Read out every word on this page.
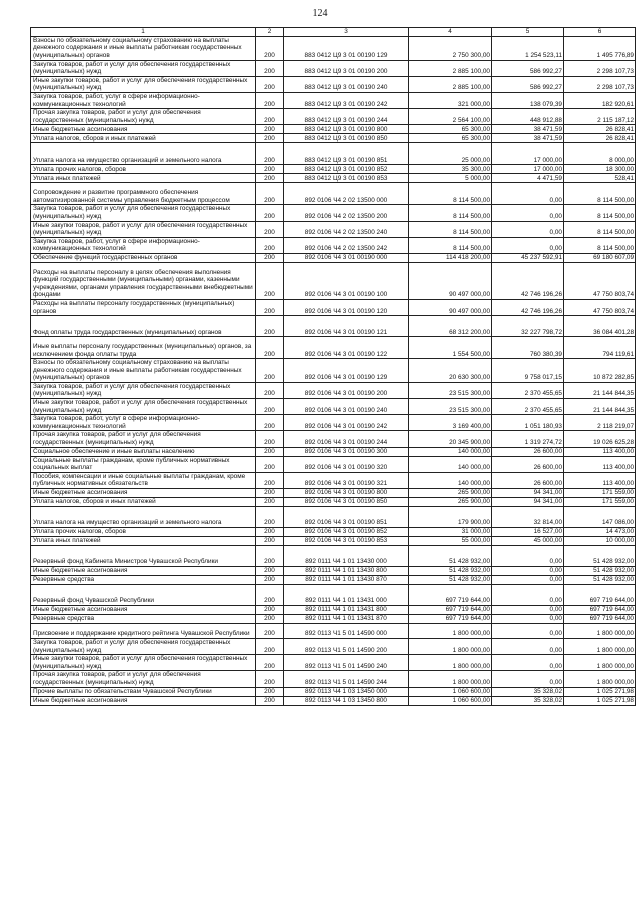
124
1	2	3	4	5	6
Взносы по обязательному социальному страхованию на выплаты денежного содержания и иные выплаты работникам государственных (муниципальных) органов	200	883 0412 Ц9 3 01 00190 129	2 750 300,00	1 254 523,11	1 495 776,89
Закупка товаров, работ и услуг для обеспечения государственных (муниципальных) нужд	200	883 0412 Ц9 3 01 00190 200	2 885 100,00	586 992,27	2 298 107,73
Иные закупки товаров, работ и услуг для обеспечения государственных (муниципальных) нужд	200	883 0412 Ц9 3 01 00190 240	2 885 100,00	586 992,27	2 298 107,73
Закупка товаров, работ, услуг в сфере информационно-коммуникационных технологий	200	883 0412 Ц9 3 01 00190 242	321 000,00	138 079,39	182 920,61
Прочая закупка товаров, работ и услуг для обеспечения государственных (муниципальных) нужд	200	883 0412 Ц9 3 01 00190 244	2 564 100,00	448 912,88	2 115 187,12
Иные бюджетные ассигнования	200	883 0412 Ц9 3 01 00190 800	65 300,00	38 471,59	26 828,41
Уплата налогов, сборов и иных платежей	200	883 0412 Ц9 3 01 00190 850	65 300,00	38 471,59	26 828,41
Уплата налога на имущество организаций и земельного налога	200	883 0412 Ц9 3 01 00190 851	25 000,00	17 000,00	8 000,00
Уплата прочих налогов, сборов	200	883 0412 Ц9 3 01 00190 852	35 300,00	17 000,00	18 300,00
Уплата иных платежей	200	883 0412 Ц9 3 01 00190 853	5 000,00	4 471,59	528,41
Сопровождение и развитие программного обеспечения автоматизированной системы управления бюджетным процессом	200	892 0106 Ч4 2 02 13500 000	8 114 500,00	0,00	8 114 500,00
Закупка товаров, работ и услуг для обеспечения государственных (муниципальных) нужд	200	892 0106 Ч4 2 02 13500 200	8 114 500,00	0,00	8 114 500,00
Иные закупки товаров, работ и услуг для обеспечения государственных (муниципальных) нужд	200	892 0106 Ч4 2 02 13500 240	8 114 500,00	0,00	8 114 500,00
Закупка товаров, работ, услуг в сфере информационно-коммуникационных технологий	200	892 0106 Ч4 2 02 13500 242	8 114 500,00	0,00	8 114 500,00
Обеспечение функций государственных органов	200	892 0106 Ч4 3 01 00190 000	114 418 200,00	45 237 592,91	69 180 607,09
Расходы на выплаты персоналу в целях обеспечения выполнения функций государственными (муниципальными) органами, казенными учреждениями, органами управления государственными внебюджетными фондами	200	892 0106 Ч4 3 01 00190 100	90 497 000,00	42 746 196,26	47 750 803,74
Расходы на выплаты персоналу государственных (муниципальных) органов	200	892 0106 Ч4 3 01 00190 120	90 497 000,00	42 746 196,26	47 750 803,74
Фонд оплаты труда государственных (муниципальных) органов	200	892 0106 Ч4 3 01 00190 121	68 312 200,00	32 227 798,72	36 084 401,28
Иные выплаты персоналу государственных (муниципальных) органов, за исключением фонда оплаты труда	200	892 0106 Ч4 3 01 00190 122	1 554 500,00	760 380,39	794 119,61
Взносы по обязательному социальному страхованию на выплаты денежного содержания и иные выплаты работникам государственных (муниципальных) органов	200	892 0106 Ч4 3 01 00190 129	20 630 300,00	9 758 017,15	10 872 282,85
Закупка товаров, работ и услуг для обеспечения государственных (муниципальных) нужд	200	892 0106 Ч4 3 01 00190 200	23 515 300,00	2 370 455,65	21 144 844,35
Иные закупки товаров, работ и услуг для обеспечения государственных (муниципальных) нужд	200	892 0106 Ч4 3 01 00190 240	23 515 300,00	2 370 455,65	21 144 844,35
Закупка товаров, работ, услуг в сфере информационно-коммуникационных технологий	200	892 0106 Ч4 3 01 00190 242	3 169 400,00	1 051 180,93	2 118 219,07
Прочая закупка товаров, работ и услуг для обеспечения государственных (муниципальных) нужд	200	892 0106 Ч4 3 01 00190 244	20 345 900,00	1 319 274,72	19 026 625,28
Социальное обеспечение и иные выплаты населению	200	892 0106 Ч4 3 01 00190 300	140 000,00	26 600,00	113 400,00
Социальные выплаты гражданам, кроме публичных нормативных социальных выплат	200	892 0106 Ч4 3 01 00190 320	140 000,00	26 600,00	113 400,00
Пособия, компенсации и иные социальные выплаты гражданам, кроме публичных нормативных обязательств	200	892 0106 Ч4 3 01 00190 321	140 000,00	26 600,00	113 400,00
Иные бюджетные ассигнования	200	892 0106 Ч4 3 01 00190 800	265 900,00	94 341,00	171 559,00
Уплата налогов, сборов и иных платежей	200	892 0106 Ч4 3 01 00190 850	265 900,00	94 341,00	171 559,00
Уплата налога на имущество организаций и земельного налога	200	892 0106 Ч4 3 01 00190 851	179 900,00	32 814,00	147 086,00
Уплата прочих налогов, сборов	200	892 0106 Ч4 3 01 00190 852	31 000,00	16 527,00	14 473,00
Уплата иных платежей	200	892 0106 Ч4 3 01 00190 853	55 000,00	45 000,00	10 000,00
Резервный фонд Кабинета Министров Чувашской Республики	200	892 0111 Ч4 1 01 13430 000	51 428 932,00	0,00	51 428 932,00
Иные бюджетные ассигнования	200	892 0111 Ч4 1 01 13430 800	51 428 932,00	0,00	51 428 932,00
Резервные средства	200	892 0111 Ч4 1 01 13430 870	51 428 932,00	0,00	51 428 932,00
Резервный фонд Чувашской Республики	200	892 0111 Ч4 1 01 13431 000	697 719 644,00	0,00	697 719 644,00
Иные бюджетные ассигнования	200	892 0111 Ч4 1 01 13431 800	697 719 644,00	0,00	697 719 644,00
Резервные средства	200	892 0111 Ч4 1 01 13431 870	697 719 644,00	0,00	697 719 644,00
Присвоение и поддержание кредитного рейтинга Чувашской Республики	200	892 0113 Ч1 5 01 14590 000	1 800 000,00	0,00	1 800 000,00
Закупка товаров, работ и услуг для обеспечения государственных (муниципальных) нужд	200	892 0113 Ч1 5 01 14590 200	1 800 000,00	0,00	1 800 000,00
Иные закупки товаров, работ и услуг для обеспечения государственных (муниципальных) нужд	200	892 0113 Ч1 5 01 14590 240	1 800 000,00	0,00	1 800 000,00
Прочая закупка товаров, работ и услуг для обеспечения государственных (муниципальных) нужд	200	892 0113 Ч1 5 01 14590 244	1 800 000,00	0,00	1 800 000,00
Прочие выплаты по обязательствам Чувашской Республики	200	892 0113 Ч4 1 03 13450 000	1 060 600,00	35 328,02	1 025 271,98
Иные бюджетные ассигнования	200	892 0113 Ч4 1 03 13450 800	1 060 600,00	35 328,02	1 025 271,98
